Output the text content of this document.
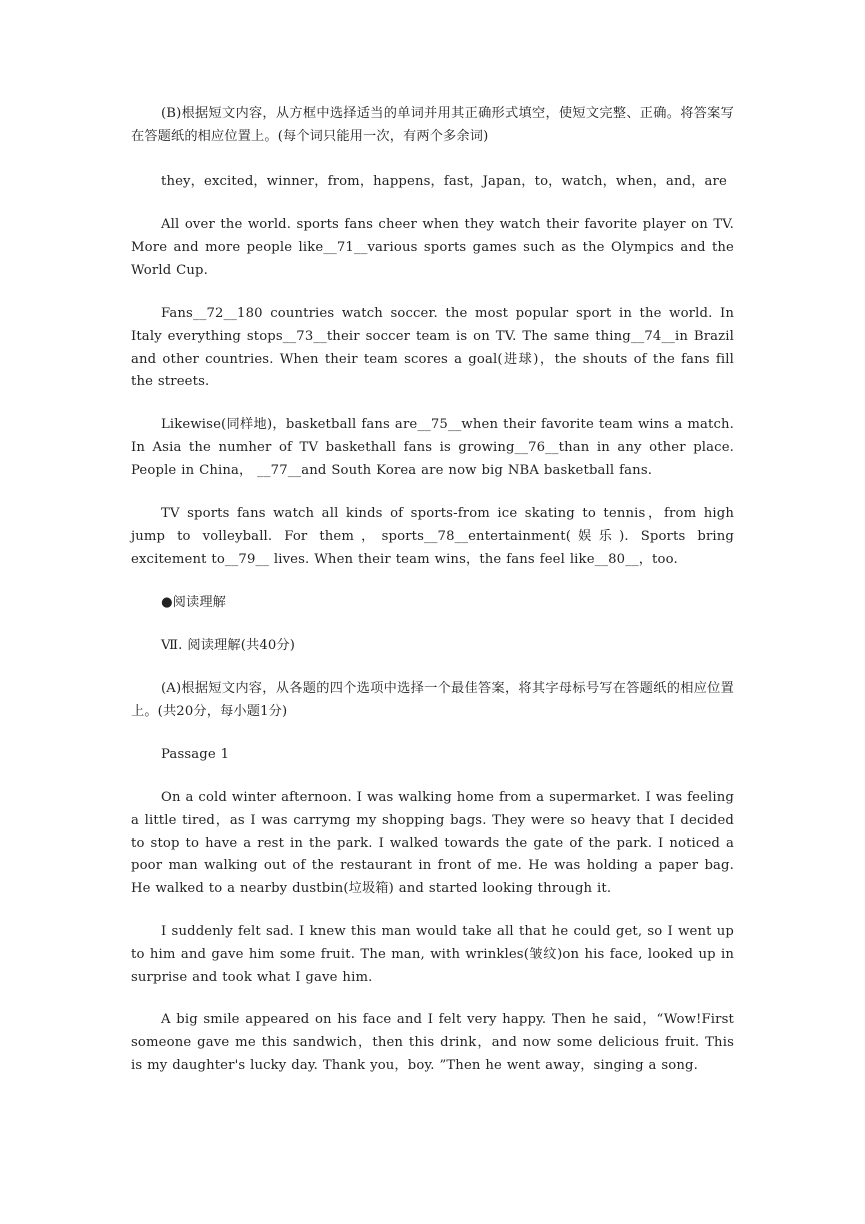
(B)根据短文内容，从方框中选择适当的单词并用其正确形式填空，使短文完整、正确。将答案写在答题纸的相应位置上。(每个词只能用一次，有两个多余词)

they，excited，winner，from，happens，fast，Japan，to，watch，when，and，are

All over the world. sports fans cheer when they watch their favorite player on TV. More and more people like__71__various sports games such as the Olympics and the World Cup.

Fans__72__180 countries watch soccer. the most popular sport in the world. In Italy everything stops__73__their soccer team is on TV. The same thing__74__in Brazil and other countries. When their team scores a goal(进球)，the shouts of the fans fill the streets.

Likewise(同样地)，basketball fans are__75__when their favorite team wins a match. In Asia the numher of TV baskethall fans is growing__76__than in any other place. People in China， __77__and South Korea are now big NBA basketball fans.

TV sports fans watch all kinds of sports-from ice skating to tennis，from high jump to volleyball. For them，sports__78__entertainment(娱乐). Sports bring excitement to__79__ lives. When their team wins，the fans feel like__80__，too.

●阅读理解

Ⅶ. 阅读理解(共40分)

(A)根据短文内容，从各题的四个选项中选择一个最佳答案，将其字母标号写在答题纸的相应位置上。(共20分，每小题1分)

Passage 1

On a cold winter afternoon. I was walking home from a supermarket. I was feeling a little tired，as I was carrymg my shopping bags. They were so heavy that I decided to stop to have a rest in the park. I walked towards the gate of the park. I noticed a poor man walking out of the restaurant in front of me. He was holding a paper bag. He walked to a nearby dustbin(垃圾箱) and started looking through it.

I suddenly felt sad. I knew this man would take all that he could get, so I went up to him and gave him some fruit. The man, with wrinkles(皱纹)on his face, looked up in surprise and took what I gave him.

A big smile appeared on his face and I felt very happy. Then he said，“Wow!First someone gave me this sandwich，then this drink，and now some delicious fruit. This is my daughter's lucky day. Thank you，boy. ”Then he went away，singing a song.
